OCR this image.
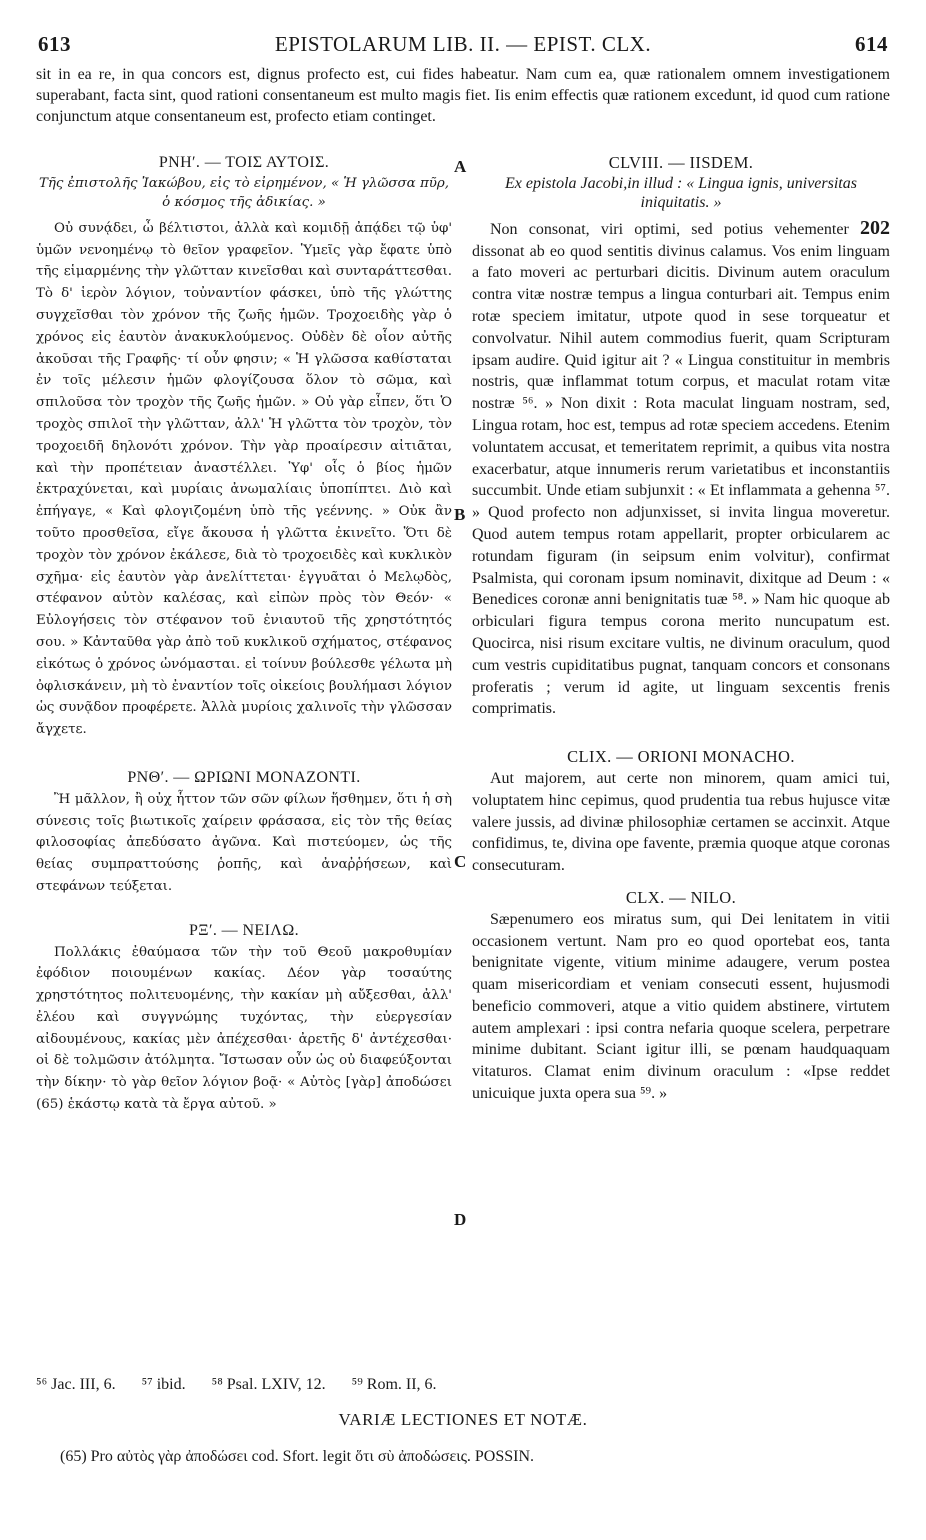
613	EPISTOLARUM LIB. II. — EPIST. CLX.	614
sit in ea re, in qua concors est, dignus profecto est, cui fides habeatur. Nam cum ea, quæ rationalem omnem investigationem superabant, facta sint, quod rationi consentaneum est multo magis fiet. Iis enim effectis quæ rationem excedunt, id quod cum ratione conjunctum atque consentaneum est, profecto etiam continget.
A
B
C
D
ΡΝΗ′. — ΤΟΙΣ ΑΥΤΟΙΣ.
Τῆς ἐπιστολῆς Ἰακώβου, εἰς τὸ εἰρημένον, « Ἡ γλῶσσα πῦρ, ὁ κόσμος τῆς ἀδικίας. »

Οὐ συνᾴδει, ὦ βέλτιστοι, ἀλλὰ καὶ κομιδῇ ἀπᾴδει τῷ ὑφ' ὑμῶν νενοημένῳ τὸ θεῖον γραφεῖον. Ὑμεῖς γὰρ ἔφατε ὑπὸ τῆς εἱμαρμένης τὴν γλῶτταν κινεῖσθαι καὶ συνταράττεσθαι. Τὸ δ' ἱερὸν λόγιον, τοὐναντίον φάσκει, ὑπὸ τῆς γλώττης συγχεῖσθαι τὸν χρόνον τῆς ζωῆς ἡμῶν. Τροχοειδὴς γὰρ ὁ χρόνος εἰς ἑαυτὸν ἀνακυκλούμενος. Οὐδὲν δὲ οἷον αὐτῆς ἀκοῦσαι τῆς Γραφῆς· τί οὖν φησιν; « Ἡ γλῶσσα καθίσταται ἐν τοῖς μέλεσιν ἡμῶν φλογίζουσα ὅλον τὸ σῶμα, καὶ σπιλοῦσα τὸν τροχὸν τῆς ζωῆς ἡμῶν. » Οὐ γὰρ εἶπεν, ὅτι Ὁ τροχὸς σπιλοῖ τὴν γλῶτταν, ἀλλ' Ἡ γλῶττα τὸν τροχὸν, τὸν τροχοειδῆ δηλονότι χρόνον. Τὴν γὰρ προαίρεσιν αἰτιᾶται, καὶ τὴν προπέτειαν ἀναστέλλει. Ὑφ' οἷς ὁ βίος ἡμῶν ἐκτραχύνεται, καὶ μυρίαις ἀνωμαλίαις ὑποπίπτει. Διὸ καὶ ἐπήγαγε, « Καὶ φλογιζομένη ὑπὸ τῆς γεέννης. » Οὐκ ἂν τοῦτο προσθεῖσα, εἴγε ἄκουσα ἡ γλῶττα ἐκινεῖτο. Ὅτι δὲ τροχὸν τὸν χρόνον ἐκάλεσε, διὰ τὸ τροχοειδὲς καὶ κυκλικὸν σχῆμα· εἰς ἑαυτὸν γὰρ ἀνελίττεται· ἐγγυᾶται ὁ Μελῳδὸς, στέφανον αὐτὸν καλέσας, καὶ εἰπὼν πρὸς τὸν Θεόν· « Εὐλογήσεις τὸν στέφανον τοῦ ἐνιαυτοῦ τῆς χρηστότητός σου. » Κἀνταῦθα γὰρ ἀπὸ τοῦ κυκλικοῦ σχήματος, στέφανος εἰκότως ὁ χρόνος ὠνόμασται. εἰ τοίνυν βούλεσθε γέλωτα μὴ ὀφλισκάνειν, μὴ τὸ ἐναντίον τοῖς οἰκείοις βουλήμασι λόγιον ὡς συνᾷδον προφέρετε. Ἀλλὰ μυρίοις χαλινοῖς τὴν γλῶσσαν ἄγχετε.

ΡΝΘ′. — ΩΡΙΩΝΙ ΜΟΝΑΖΟΝΤΙ.

Ἢ μᾶλλον, ἢ οὐχ ἧττον τῶν σῶν φίλων ἥσθημεν, ὅτι ἡ σὴ σύνεσις τοῖς βιωτικοῖς χαίρειν φράσασα, εἰς τὸν τῆς θείας φιλοσοφίας ἀπεδύσατο ἀγῶνα. Καὶ πιστεύομεν, ὡς τῆς θείας συμπραττούσης ῥοπῆς, καὶ ἀναῤῥήσεων, καὶ στεφάνων τεύξεται.

ΡΞ′. — ΝΕΙΛΩ.

Πολλάκις ἐθαύμασα τῶν τὴν τοῦ Θεοῦ μακροθυμίαν ἐφόδιον ποιουμένων κακίας. Δέον γὰρ τοσαύτης χρηστότητος πολιτευομένης, τὴν κακίαν μὴ αὔξεσθαι, ἀλλ' ἐλέου καὶ συγγνώμης τυχόντας, τὴν εὐεργεσίαν αἰδουμένους, κακίας μὲν ἀπέχεσθαι· ἀρετῆς δ' ἀντέχεσθαι· οἱ δὲ τολμῶσιν ἀτόλμητα. Ἴστωσαν οὖν ὡς οὐ διαφεύξονται τὴν δίκην· τὸ γὰρ θεῖον λόγιον βοᾷ· « Αὐτὸς [γὰρ] ἀποδώσει (65) ἑκάστῳ κατὰ τὰ ἔργα αὐτοῦ. »

CLVIII. — IISDEM.
Ex epistola Jacobi,in illud : « Lingua ignis, universitas iniquitatis. »

Non consonat, viri optimi, sed potius vehementer 202 dissonat ab eo quod sentitis divinus calamus. Vos enim linguam a fato moveri ac perturbari dicitis. Divinum autem oraculum contra vitæ nostræ tempus a lingua conturbari ait. Tempus enim rotæ speciem imitatur, utpote quod in sese torqueatur et convolvatur. Nihil autem commodius fuerit, quam Scripturam ipsam audire. Quid igitur ait ? « Lingua constituitur in membris nostris, quæ inflammat totum corpus, et maculat rotam vitæ nostræ ⁵⁶. » Non dixit : Rota maculat linguam nostram, sed, Lingua rotam, hoc est, tempus ad rotæ speciem accedens. Etenim voluntatem accusat, et temeritatem reprimit, a quibus vita nostra exacerbatur, atque innumeris rerum varietatibus et inconstantiis succumbit. Unde etiam subjunxit : « Et inflammata a gehenna ⁵⁷. » Quod profecto non adjunxisset, si invita lingua moveretur. Quod autem tempus rotam appellarit, propter orbicularem ac rotundam figuram (in seipsum enim volvitur), confirmat Psalmista, qui coronam ipsum nominavit, dixitque ad Deum : « Benedices coronæ anni benignitatis tuæ ⁵⁸. » Nam hic quoque ab orbiculari figura tempus corona merito nuncupatum est. Quocirca, nisi risum excitare vultis, ne divinum oraculum, quod cum vestris cupiditatibus pugnat, tanquam concors et consonans proferatis ; verum id agite, ut linguam sexcentis frenis comprimatis.

CLIX. — ORIONI MONACHO.

Aut majorem, aut certe non minorem, quam amici tui, voluptatem hinc cepimus, quod prudentia tua rebus hujusce vitæ valere jussis, ad divinæ philosophiæ certamen se accinxit. Atque confidimus, te, divina ope favente, præmia quoque atque coronas consecuturam.

CLX. — NILO.

Sæpenumero eos miratus sum, qui Dei lenitatem in vitii occasionem vertunt. Nam pro eo quod oportebat eos, tanta benignitate vigente, vitium minime adaugere, verum postea quam misericordiam et veniam consecuti essent, hujusmodi beneficio commoveri, atque a vitio quidem abstinere, virtutem autem amplexari : ipsi contra nefaria quoque scelera, perpetrare minime dubitant. Sciant igitur illi, se pœnam haudquaquam vitaturos. Clamat enim divinum oraculum : «Ipse reddet unicuique juxta opera sua ⁵⁹. »

⁵⁶ Jac. III, 6. ⁵⁷ ibid. ⁵⁸ Psal. LXIV, 12. ⁵⁹ Rom. II, 6.
VARIÆ LECTIONES ET NOTÆ.
(65) Pro αὐτὸς γὰρ ἀποδώσει cod. Sfort. legit ὅτι σὺ ἀποδώσεις. POSSIN.
